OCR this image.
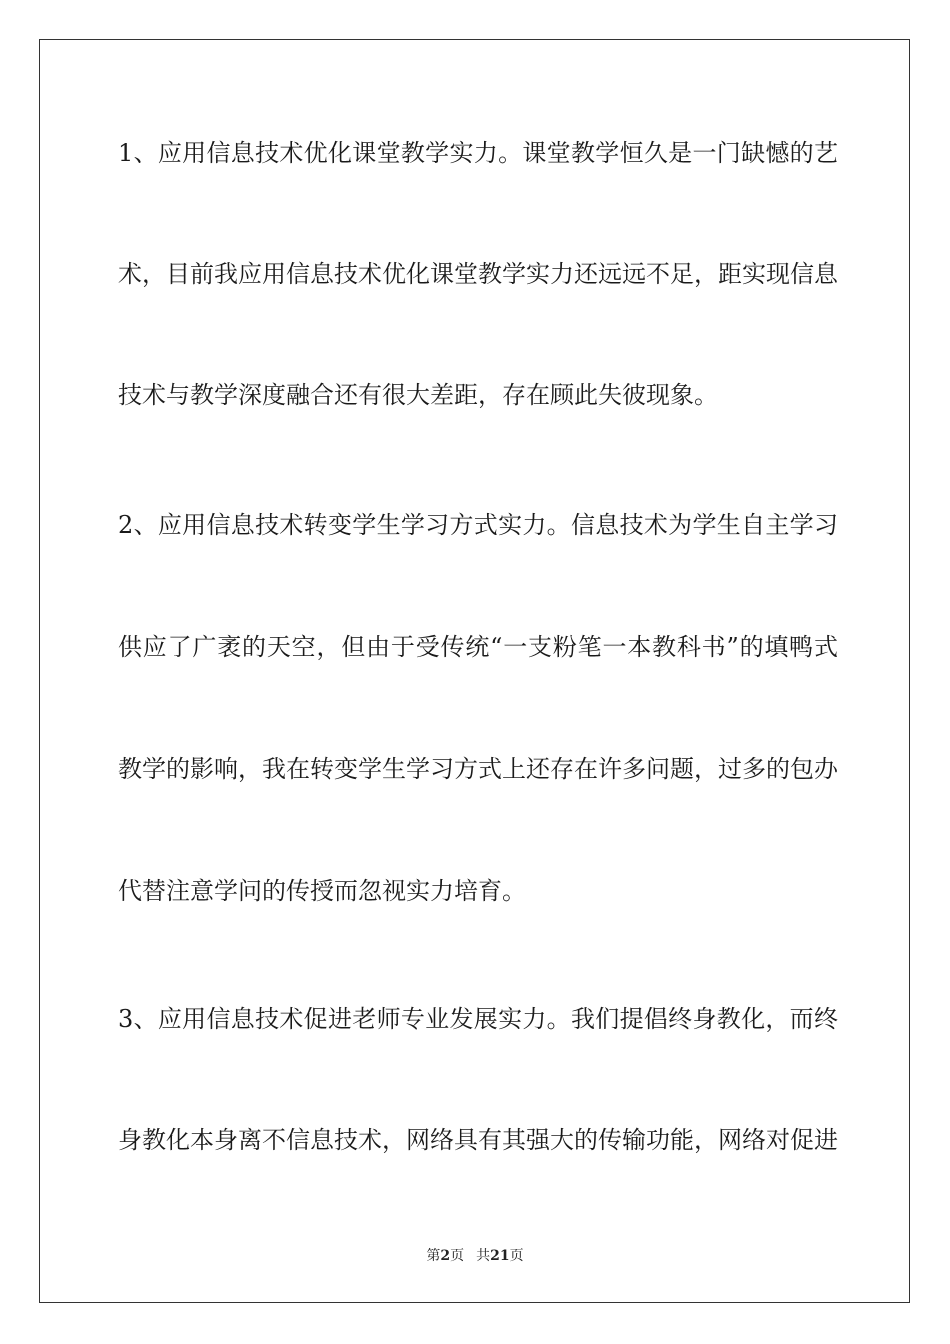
1、应用信息技术优化课堂教学实力。课堂教学恒久是一门缺憾的艺
术，目前我应用信息技术优化课堂教学实力还远远不足，距实现信息
技术与教学深度融合还有很大差距，存在顾此失彼现象。
2、应用信息技术转变学生学习方式实力。信息技术为学生自主学习
供应了广袤的天空，但由于受传统“一支粉笔一本教科书”的填鸭式
教学的影响，我在转变学生学习方式上还存在许多问题，过多的包办
代替注意学问的传授而忽视实力培育。
3、应用信息技术促进老师专业发展实力。我们提倡终身教化，而终
身教化本身离不信息技术，网络具有其强大的传输功能，网络对促进
第2页 共21页
